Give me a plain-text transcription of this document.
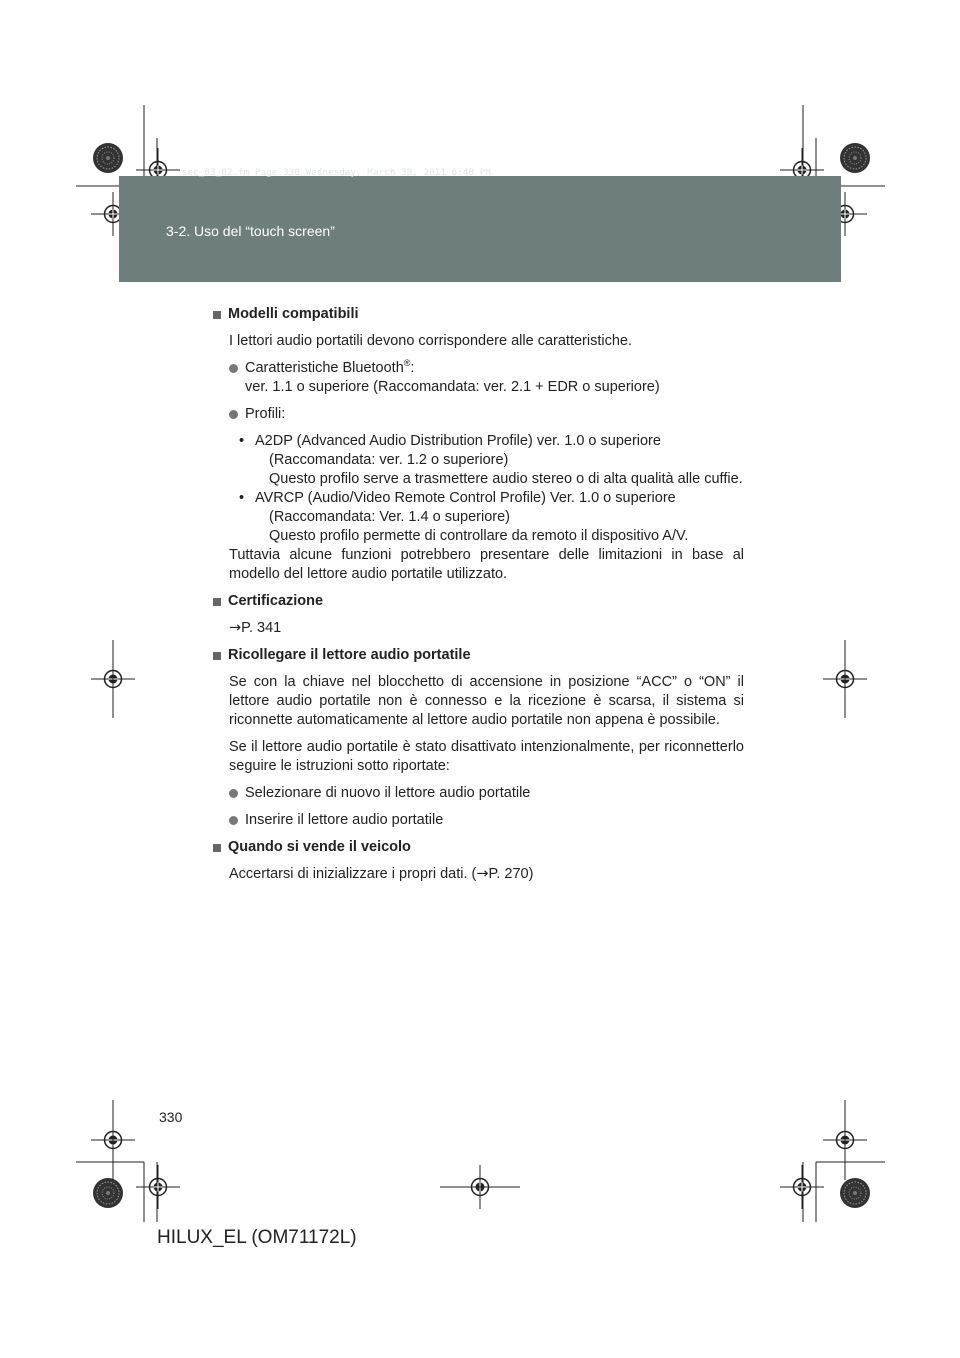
sec_03_02.fm Page 330 Wednesday, March 30, 2011 6:48 PM
3-2. Uso del “touch screen”

Modelli compatibili

I lettori audio portatili devono corrispondere alle caratteristiche.

Caratteristiche Bluetooth®:
ver. 1.1 o superiore (Raccomandata: ver. 2.1 + EDR o superiore)

Profili:

• A2DP (Advanced Audio Distribution Profile) ver. 1.0 o superiore
(Raccomandata: ver. 1.2 o superiore)

Questo profilo serve a trasmettere audio stereo o di alta qualità alle cuffie.

• AVRCP (Audio/Video Remote Control Profile) Ver. 1.0 o superiore
(Raccomandata: Ver. 1.4 o superiore)

Questo profilo permette di controllare da remoto il dispositivo A/V.

Tuttavia alcune funzioni potrebbero presentare delle limitazioni in base al modello del lettore audio portatile utilizzato.

Certificazione

→P. 341

Ricollegare il lettore audio portatile

Se con la chiave nel blocchetto di accensione in posizione “ACC” o “ON” il lettore audio portatile non è connesso e la ricezione è scarsa, il sistema si riconnette automaticamente al lettore audio portatile non appena è possibile.

Se il lettore audio portatile è stato disattivato intenzionalmente, per riconnetterlo seguire le istruzioni sotto riportate:

Selezionare di nuovo il lettore audio portatile

Inserire il lettore audio portatile

Quando si vende il veicolo

Accertarsi di inizializzare i propri dati. (→P. 270)

330
HILUX_EL (OM71172L)
